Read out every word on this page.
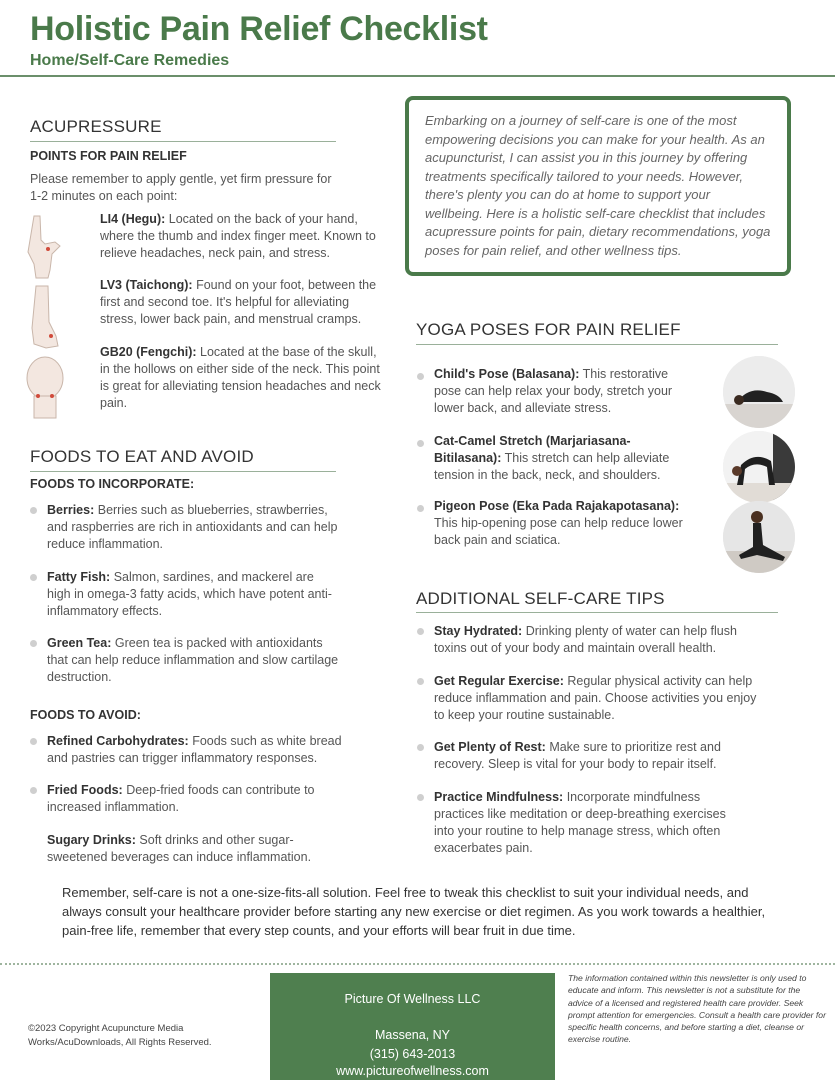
Holistic Pain Relief Checklist
Home/Self-Care Remedies

Embarking on a journey of self-care is one of the most empowering decisions you can make for your health. As an acupuncturist, I can assist you in this journey by offering treatments specifically tailored to your needs. However, there's plenty you can do at home to support your wellbeing. Here is a holistic self-care checklist that includes acupressure points for pain, dietary recommendations, yoga poses for pain relief, and other wellness tips.

ACUPRESSURE
POINTS FOR PAIN RELIEF
Please remember to apply gentle, yet firm pressure for 1-2 minutes on each point:
LI4 (Hegu): Located on the back of your hand, where the thumb and index finger meet. Known to relieve headaches, neck pain, and stress.
LV3 (Taichong): Found on your foot, between the first and second toe. It's helpful for alleviating stress, lower back pain, and menstrual cramps.
GB20 (Fengchi): Located at the base of the skull, in the hollows on either side of the neck. This point is great for alleviating tension headaches and neck pain.
FOODS TO EAT AND AVOID
FOODS TO INCORPORATE:
Berries: Berries such as blueberries, strawberries, and raspberries are rich in antioxidants and can help reduce inflammation.
Fatty Fish: Salmon, sardines, and mackerel are high in omega-3 fatty acids, which have potent anti-inflammatory effects.
Green Tea: Green tea is packed with antioxidants that can help reduce inflammation and slow cartilage destruction.
FOODS TO AVOID:
Refined Carbohydrates: Foods such as white bread and pastries can trigger inflammatory responses.
Fried Foods: Deep-fried foods can contribute to increased inflammation.
Sugary Drinks: Soft drinks and other sugar-sweetened beverages can induce inflammation.
YOGA POSES FOR PAIN RELIEF
Child's Pose (Balasana): This restorative pose can help relax your body, stretch your lower back, and alleviate stress.
Cat-Camel Stretch (Marjariasana-Bitilasana): This stretch can help alleviate tension in the back, neck, and shoulders.
Pigeon Pose (Eka Pada Rajakapotasana): This hip-opening pose can help reduce lower back pain and sciatica.
ADDITIONAL SELF-CARE TIPS
Stay Hydrated: Drinking plenty of water can help flush toxins out of your body and maintain overall health.
Get Regular Exercise: Regular physical activity can help reduce inflammation and pain. Choose activities you enjoy to keep your routine sustainable.
Get Plenty of Rest: Make sure to prioritize rest and recovery. Sleep is vital for your body to repair itself.
Practice Mindfulness: Incorporate mindfulness practices like meditation or deep-breathing exercises into your routine to help manage stress, which often exacerbates pain.
Remember, self-care is not a one-size-fits-all solution. Feel free to tweak this checklist to suit your individual needs, and always consult your healthcare provider before starting any new exercise or diet regimen. As you work towards a healthier, pain-free life, remember that every step counts, and your efforts will bear fruit in due time.
©2023 Copyright Acupuncture Media Works/AcuDownloads, All Rights Reserved.
Picture Of Wellness LLC
Massena, NY
(315) 643-2013
www.pictureofwellness.com
The information contained within this newsletter is only used to educate and inform. This newsletter is not a substitute for the advice of a licensed and registered health care provider. Seek prompt attention for emergencies. Consult a health care provider for specific health concerns, and before starting a diet, cleanse or exercise routine.
